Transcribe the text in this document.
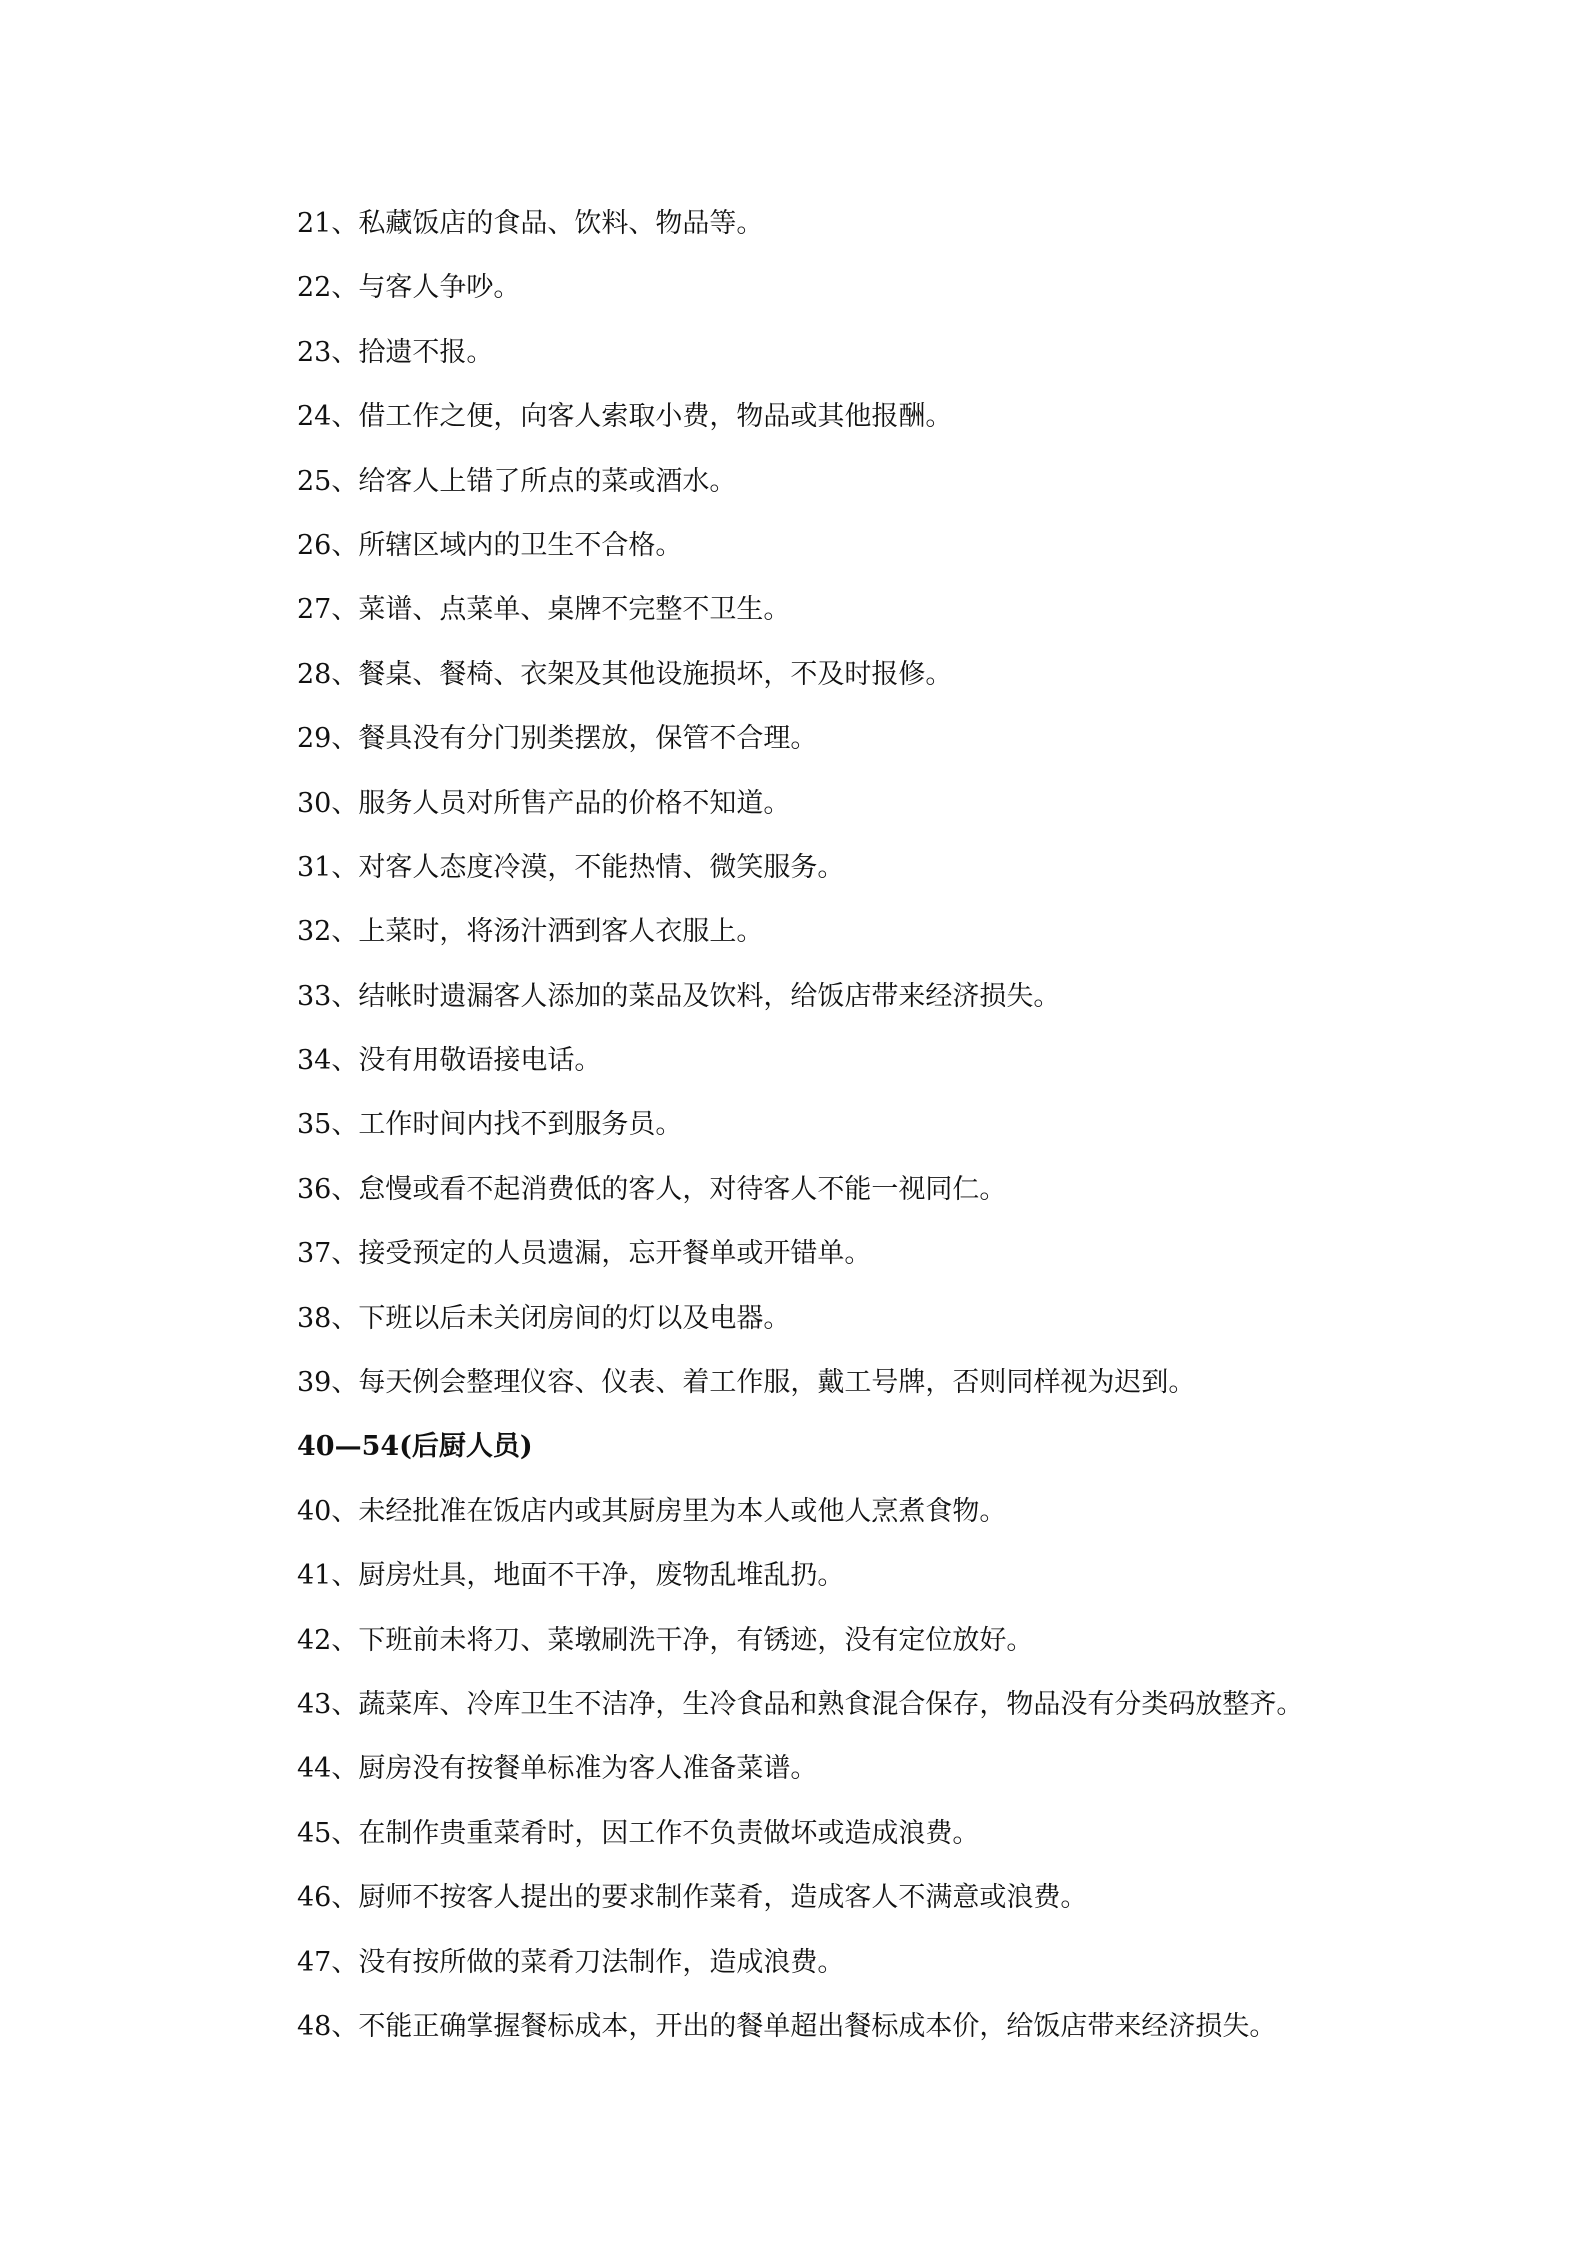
21、私藏饭店的食品、饮料、物品等。
22、与客人争吵。
23、拾遗不报。
24、借工作之便，向客人索取小费，物品或其他报酬。
25、给客人上错了所点的菜或酒水。
26、所辖区域内的卫生不合格。
27、菜谱、点菜单、桌牌不完整不卫生。
28、餐桌、餐椅、衣架及其他设施损坏，不及时报修。
29、餐具没有分门别类摆放，保管不合理。
30、服务人员对所售产品的价格不知道。
31、对客人态度冷漠，不能热情、微笑服务。
32、上菜时，将汤汁洒到客人衣服上。
33、结帐时遗漏客人添加的菜品及饮料，给饭店带来经济损失。
34、没有用敬语接电话。
35、工作时间内找不到服务员。
36、怠慢或看不起消费低的客人，对待客人不能一视同仁。
37、接受预定的人员遗漏，忘开餐单或开错单。
38、下班以后未关闭房间的灯以及电器。
39、每天例会整理仪容、仪表、着工作服，戴工号牌，否则同样视为迟到。
40—54(后厨人员)
40、未经批准在饭店内或其厨房里为本人或他人烹煮食物。
41、厨房灶具，地面不干净，废物乱堆乱扔。
42、下班前未将刀、菜墩刷洗干净，有锈迹，没有定位放好。
43、蔬菜库、冷库卫生不洁净，生冷食品和熟食混合保存，物品没有分类码放整齐。
44、厨房没有按餐单标准为客人准备菜谱。
45、在制作贵重菜肴时，因工作不负责做坏或造成浪费。
46、厨师不按客人提出的要求制作菜肴，造成客人不满意或浪费。
47、没有按所做的菜肴刀法制作，造成浪费。
48、不能正确掌握餐标成本，开出的餐单超出餐标成本价，给饭店带来经济损失。
